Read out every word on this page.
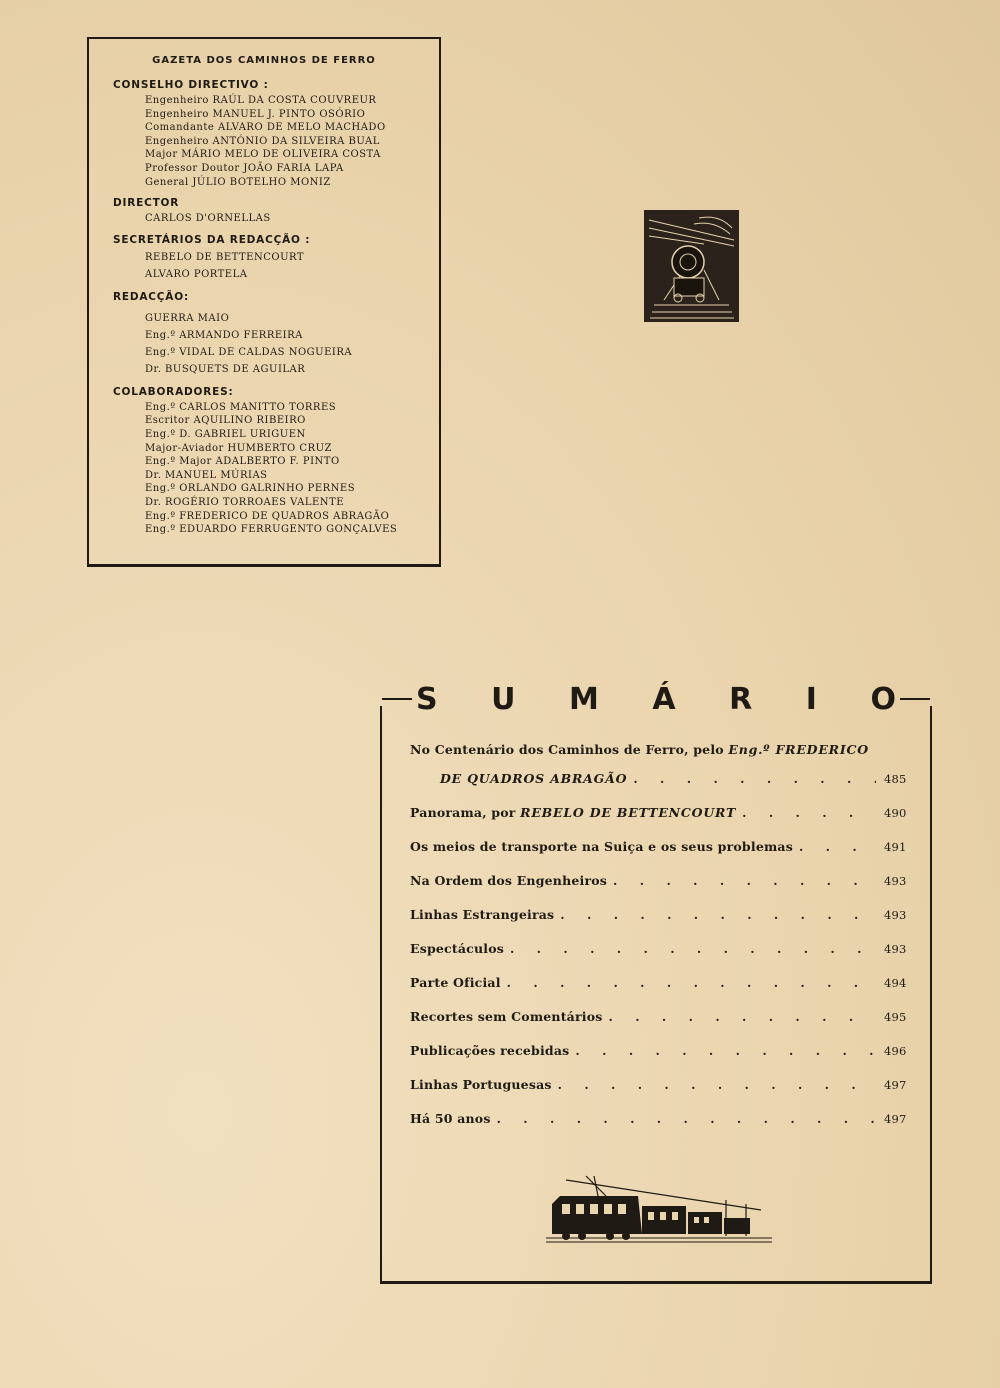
GAZETA DOS CAMINHOS DE FERRO
CONSELHO DIRECTIVO :
Engenheiro RAÚL DA COSTA COUVREUR
Engenheiro MANUEL J. PINTO OSÓRIO
Comandante ALVARO DE MELO MACHADO
Engenheiro ANTÓNIO DA SILVEIRA BUAL
Major MÁRIO MELO DE OLIVEIRA COSTA
Professor Doutor JOÃO FARIA LAPA
General JÚLIO BOTELHO MONIZ
DIRECTOR
CARLOS D'ORNELLAS
SECRETÁRIOS DA REDACÇÃO :
REBELO DE BETTENCOURT
ALVARO PORTELA
REDACÇÃO:
GUERRA MAIO
Eng.º ARMANDO FERREIRA
Eng.º VIDAL DE CALDAS NOGUEIRA
Dr. BUSQUETS DE AGUILAR
COLABORADORES:
Eng.º CARLOS MANITTO TORRES
Escritor AQUILINO RIBEIRO
Eng.º D. GABRIEL URIGUEN
Major-Aviador HUMBERTO CRUZ
Eng.º Major ADALBERTO F. PINTO
Dr. MANUEL MÚRIAS
Eng.º ORLANDO GALRINHO PERNES
Dr. ROGÉRIO TORROAES VALENTE
Eng.º FREDERICO DE QUADROS ABRAGÃO
Eng.º EDUARDO FERRUGENTO GONÇALVES
S U M Á R I O
No Centenário dos Caminhos de Ferro, pelo Eng.º FREDERICO
DE QUADROS ABRAGÃO . . .	485
Panorama, por REBELO DE BETTENCOURT . . .	490
Os meios de transporte na Suiça e os seus problemas . . .	491
Na Ordem dos Engenheiros . . .	493
Linhas Estrangeiras . . .	493
Espectáculos . . .	493
Parte Oficial . . .	494
Recortes sem Comentários . . .	495
Publicações recebidas . . .	496
Linhas Portuguesas . . .	497
Há 50 anos . . .	497
